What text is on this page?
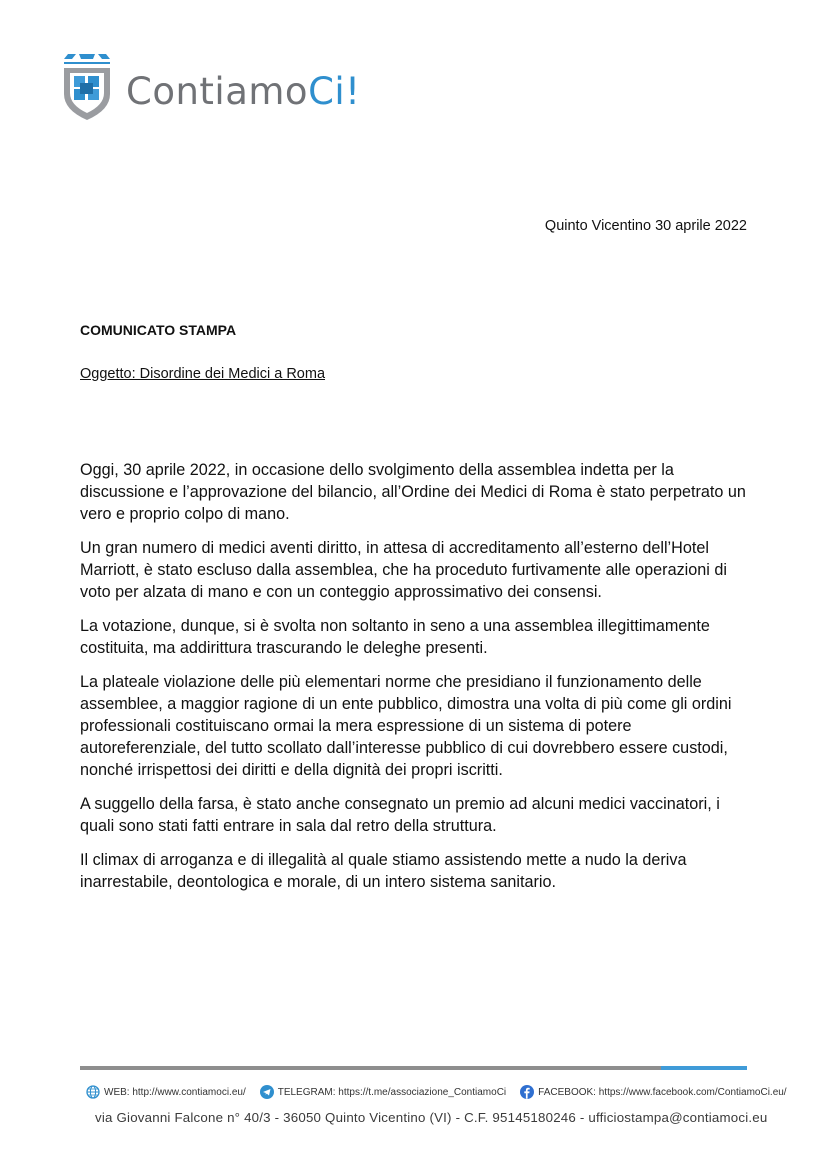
ContiamoCi!
Quinto Vicentino 30 aprile 2022
COMUNICATO STAMPA
Oggetto: Disordine dei Medici a Roma

Oggi, 30 aprile 2022, in occasione dello svolgimento della assemblea indetta per la discussione e l’approvazione del bilancio, all’Ordine dei Medici di Roma è stato perpetrato un vero e proprio colpo di mano.

Un gran numero di medici aventi diritto, in attesa di accreditamento all’esterno dell’Hotel Marriott, è stato escluso dalla assemblea, che ha proceduto furtivamente alle operazioni di voto per alzata di mano e con un conteggio approssimativo dei consensi.

La votazione, dunque, si è svolta non soltanto in seno a una assemblea illegittimamente costituita, ma addirittura trascurando le deleghe presenti.

La plateale violazione delle più elementari norme che presidiano il funzionamento delle assemblee, a maggior ragione di un ente pubblico, dimostra una volta di più come gli ordini professionali costituiscano ormai la mera espressione di un sistema di potere autoreferenziale, del tutto scollato dall’interesse pubblico di cui dovrebbero essere custodi, nonché irrispettosi dei diritti e della dignità dei propri iscritti.

A suggello della farsa, è stato anche consegnato un premio ad alcuni medici vaccinatori, i quali sono stati fatti entrare in sala dal retro della struttura.

Il climax di arroganza e di illegalità al quale stiamo assistendo mette a nudo la deriva inarrestabile, deontologica e morale, di un intero sistema sanitario.

WEB: http://www.contiamoci.eu/	TELEGRAM: https://t.me/associazione_ContiamoCi	FACEBOOK: https://www.facebook.com/ContiamoCi.eu/
via Giovanni Falcone n° 40/3 - 36050 Quinto Vicentino (VI) - C.F. 95145180246 - ufficiostampa@contiamoci.eu
